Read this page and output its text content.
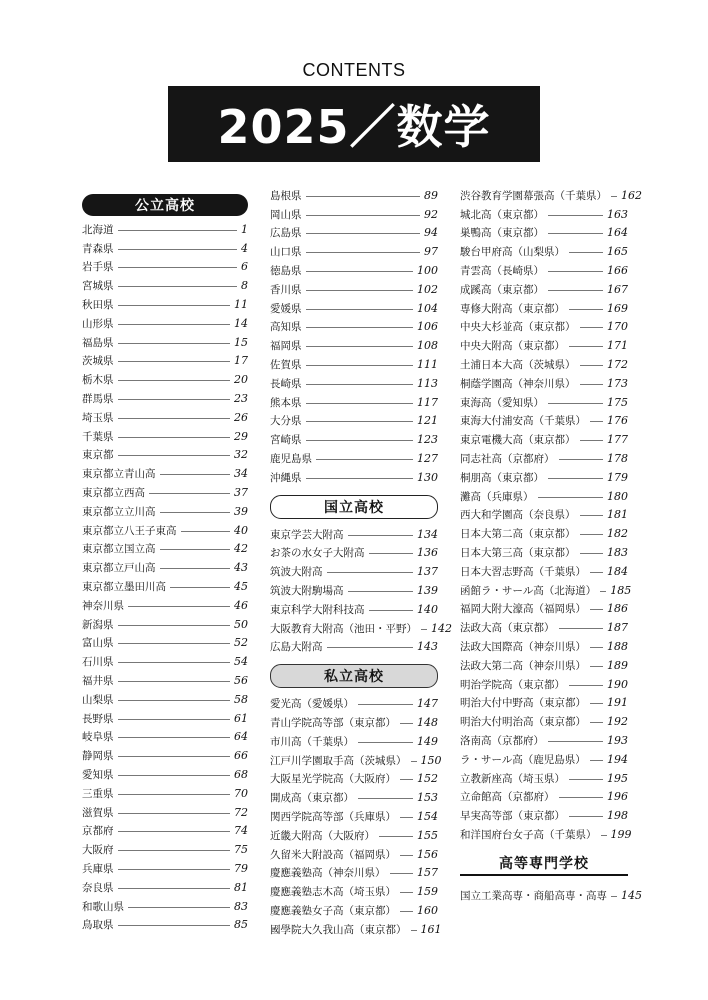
CONTENTS
2025／数学
公立高校
北海道	1
青森県	4
岩手県	6
宮城県	8
秋田県	11
山形県	14
福島県	15
茨城県	17
栃木県	20
群馬県	23
埼玉県	26
千葉県	29
東京都	32
東京都立青山高	34
東京都立西高	37
東京都立立川高	39
東京都立八王子東高	40
東京都立国立高	42
東京都立戸山高	43
東京都立墨田川高	45
神奈川県	46
新潟県	50
富山県	52
石川県	54
福井県	56
山梨県	58
長野県	61
岐阜県	64
静岡県	66
愛知県	68
三重県	70
滋賀県	72
京都府	74
大阪府	75
兵庫県	79
奈良県	81
和歌山県	83
鳥取県	85
島根県	89
岡山県	92
広島県	94
山口県	97
徳島県	100
香川県	102
愛媛県	104
高知県	106
福岡県	108
佐賀県	111
長崎県	113
熊本県	117
大分県	121
宮崎県	123
鹿児島県	127
沖縄県	130
国立高校
東京学芸大附高	134
お茶の水女子大附高	136
筑波大附高	137
筑波大附駒場高	139
東京科学大附科技高	140
大阪教育大附高（池田・平野） 142
広島大附高	143
私立高校
愛光高（愛媛県）	147
青山学院高等部（東京都） 148
市川高（千葉県）	149
江戸川学園取手高（茨城県） 150
大阪星光学院高（大阪府） 152
開成高（東京都）	153
関西学院高等部（兵庫県） 154
近畿大附高（大阪府）	155
久留米大附設高（福岡県） 156
慶應義塾高（神奈川県）	157
慶應義塾志木高（埼玉県） 159
慶應義塾女子高（東京都） 160
國學院大久我山高（東京都） 161
渋谷教育学園幕張高（千葉県） 162
城北高（東京都）	163
巣鴨高（東京都）	164
駿台甲府高（山梨県）	165
青雲高（長崎県）	166
成蹊高（東京都）	167
専修大附高（東京都）	169
中央大杉並高（東京都）	170
中央大附高（東京都）	171
土浦日本大高（茨城県）	172
桐蔭学園高（神奈川県）	173
東海高（愛知県）	175
東海大付浦安高（千葉県） 176
東京電機大高（東京都）	177
同志社高（京都府）	178
桐朋高（東京都）	179
灘高（兵庫県）	180
西大和学園高（奈良県）	181
日本大第二高（東京都）	182
日本大第三高（東京都）	183
日本大習志野高（千葉県） 184
函館ラ・サール高（北海道） 185
福岡大附大濠高（福岡県） 186
法政大高（東京都）	187
法政大国際高（神奈川県） 188
法政大第二高（神奈川県） 189
明治学院高（東京都）	190
明治大付中野高（東京都） 191
明治大付明治高（東京都） 192
洛南高（京都府）	193
ラ・サール高（鹿児島県） 194
立教新座高（埼玉県）	195
立命館高（京都府）	196
早実高等部（東京都）	198
和洋国府台女子高（千葉県） 199
高等専門学校
国立工業高専・商船高専・高専 145
